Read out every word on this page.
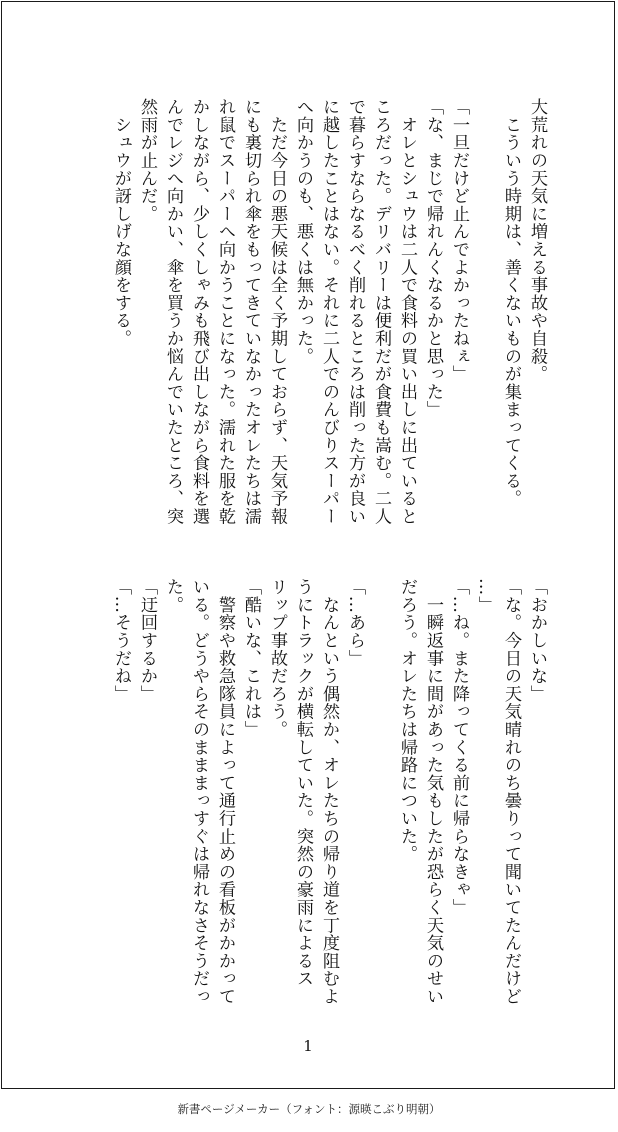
大荒れの天気に増える事故や自殺。
　こういう時期は、善くないものが集まってくる。

「一旦だけど止んでよかったねぇ」
「な、まじで帰れんくなるかと思った」
　オレとシュウは二人で食料の買い出しに出ていると
ころだった。デリバリーは便利だが食費も嵩む。二人
で暮らすならなるべく削れるところは削った方が良い
に越したことはない。それに二人でのんびりスーパー
へ向かうのも、悪くは無かった。
　ただ今日の悪天候は全く予期しておらず、天気予報
にも裏切られ傘をもってきていなかったオレたちは濡
れ鼠でスーパーへ向かうことになった。濡れた服を乾
かしながら、少しくしゃみも飛び出しながら食料を選
んでレジへ向かい、傘を買うか悩んでいたところ、突
然雨が止んだ。
　シュウが訝しげな顔をする。
「おかしいな」
「な。今日の天気晴れのち曇りって聞いてたんだけど
…」
「…ね。また降ってくる前に帰らなきゃ」
　一瞬返事に間があった気もしたが恐らく天気のせい
だろう。オレたちは帰路についた。

「…あら」
　なんという偶然か、オレたちの帰り道を丁度阻むよ
うにトラックが横転していた。突然の豪雨によるス
リップ事故だろう。
「酷いな、これは」
　警察や救急隊員によって通行止めの看板がかかって
いる。どうやらそのまままっすぐは帰れなさそうだっ
た。
「迂回するか」
「…そうだね」
1
新書ページメーカー（フォント：源暎こぶり明朝）
